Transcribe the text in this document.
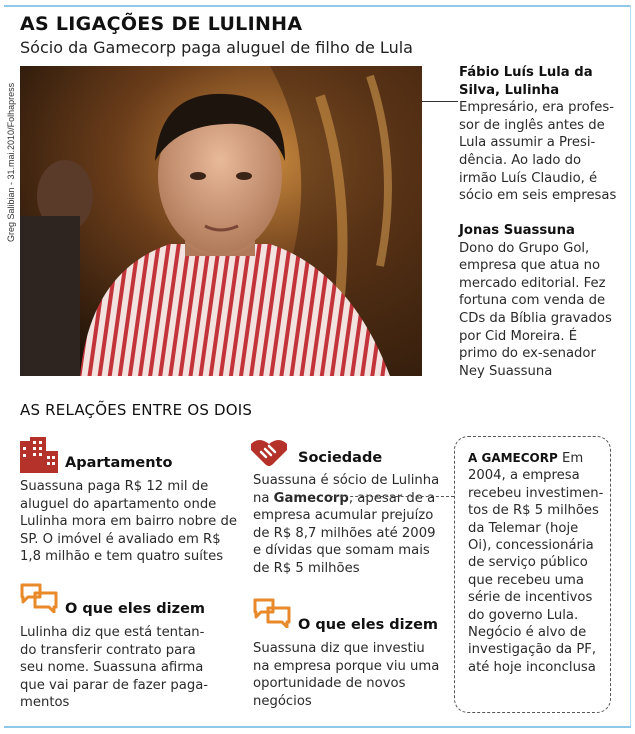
AS LIGAÇÕES DE LULINHA
Sócio da Gamecorp paga aluguel de filho de Lula
Greg Salibian - 31.mai.2010/Folhapress
Fábio Luís Lula da
Silva, Lulinha
Empresário, era profes-
sor de inglês antes de
Lula assumir a Presi-
dência. Ao lado do
irmão Luís Claudio, é
sócio em seis empresas
Jonas Suassuna
Dono do Grupo Gol,
empresa que atua no
mercado editorial. Fez
fortuna com venda de
CDs da Bíblia gravados
por Cid Moreira. É
primo do ex-senador
Ney Suassuna
AS RELAÇÕES ENTRE OS DOIS
Apartamento
Suassuna paga R$ 12 mil de
aluguel do apartamento onde
Lulinha mora em bairro nobre de
SP. O imóvel é avaliado em R$
1,8 milhão e tem quatro suítes
O que eles dizem
Lulinha diz que está tentan-
do transferir contrato para
seu nome. Suassuna afirma
que vai parar de fazer paga-
mentos
Sociedade
Suassuna é sócio de Lulinha
na Gamecorp, apesar de a
empresa acumular prejuízo
de R$ 8,7 milhões até 2009
e dívidas que somam mais
de R$ 5 milhões
O que eles dizem
Suassuna diz que investiu
na empresa porque viu uma
oportunidade de novos
negócios
A GAMECORP Em
2004, a empresa
recebeu investimen-
tos de R$ 5 milhões
da Telemar (hoje
Oi), concessionária
de serviço público
que recebeu uma
série de incentivos
do governo Lula.
Negócio é alvo de
investigação da PF,
até hoje inconclusa
